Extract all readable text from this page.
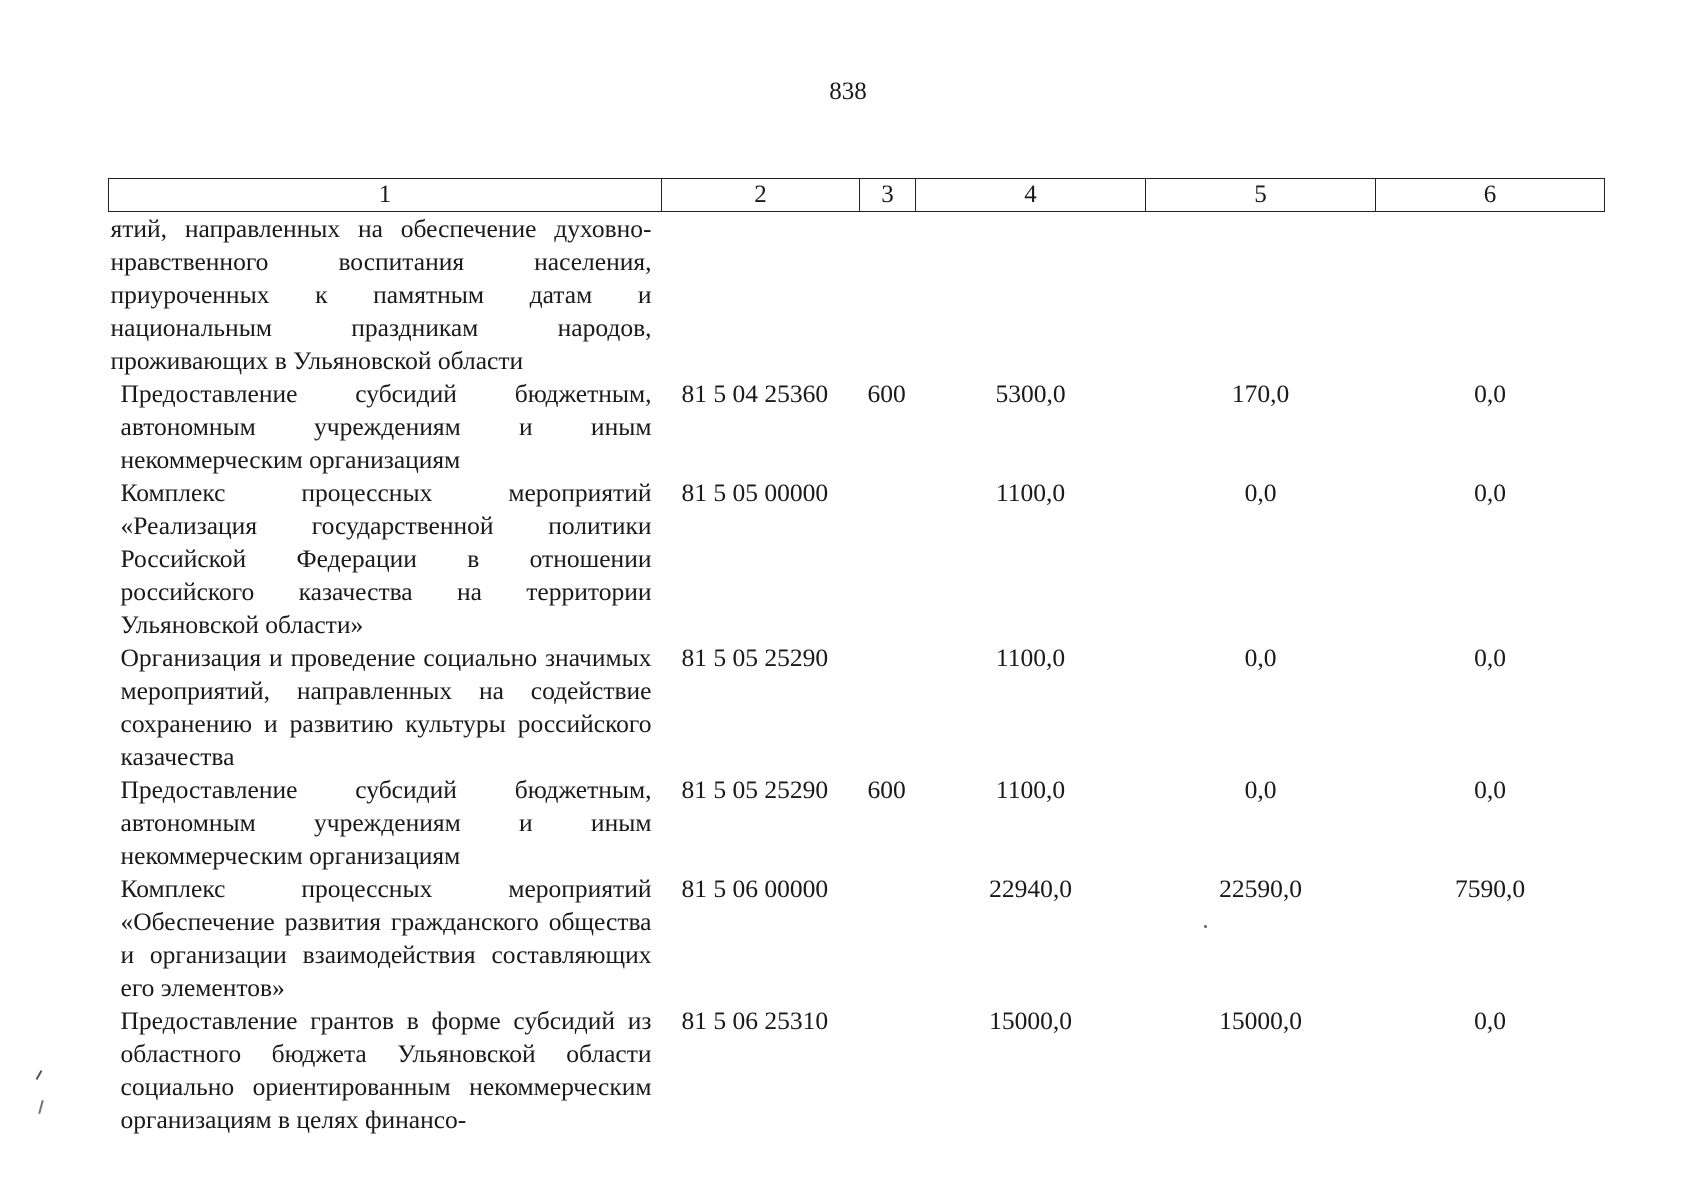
838
1	2	3	4	5	6
ятий, направленных на обеспечение духовно-нравственного воспитания населения, приуроченных к памятным датам и национальным праздникам народов, проживающих в Ульяновской области					
Предоставление субсидий бюджетным, автономным учреждениям и иным некоммерческим организациям	81 5 04 25360	600	5300,0	170,0	0,0
Комплекс процессных мероприятий «Реализация государственной политики Российской Федерации в отношении российского казачества на территории Ульяновской области»	81 5 05 00000		1100,0	0,0	0,0
Организация и проведение социально значимых мероприятий, направленных на содействие сохранению и развитию культуры российского казачества	81 5 05 25290		1100,0	0,0	0,0
Предоставление субсидий бюджетным, автономным учреждениям и иным некоммерческим организациям	81 5 05 25290	600	1100,0	0,0	0,0
Комплекс процессных мероприятий «Обеспечение развития гражданского общества и организации взаимодействия составляющих его элементов»	81 5 06 00000		22940,0	22590,0	7590,0
Предоставление грантов в форме субсидий из областного бюджета Ульяновской области социально ориентированным некоммерческим организациям в целях финансо-	81 5 06 25310		15000,0	15000,0	0,0
